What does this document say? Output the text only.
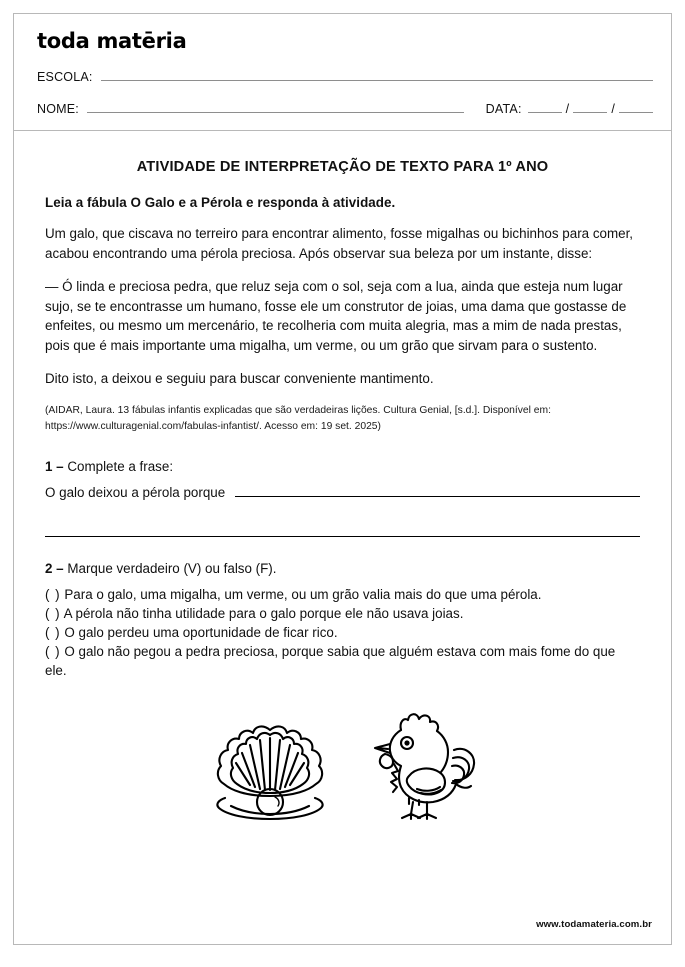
toda matēria
ESCOLA:
NOME:	DATA:	/	/
ATIVIDADE DE INTERPRETAÇÃO DE TEXTO PARA 1º ANO

Leia a fábula O Galo e a Pérola e responda à atividade.

Um galo, que ciscava no terreiro para encontrar alimento, fosse migalhas ou bichinhos para comer, acabou encontrando uma pérola preciosa. Após observar sua beleza por um instante, disse:

— Ó linda e preciosa pedra, que reluz seja com o sol, seja com a lua, ainda que esteja num lugar sujo, se te encontrasse um humano, fosse ele um construtor de joias, uma dama que gostasse de enfeites, ou mesmo um mercenário, te recolheria com muita alegria, mas a mim de nada prestas, pois que é mais importante uma migalha, um verme, ou um grão que sirvam para o sustento.

Dito isto, a deixou e seguiu para buscar conveniente mantimento.

(AIDAR, Laura. 13 fábulas infantis explicadas que são verdadeiras lições. Cultura Genial, [s.d.]. Disponível em: https://www.culturagenial.com/fabulas-infantist/. Acesso em: 19 set. 2025)

1 – Complete a frase:
O galo deixou a pérola porque
2 – Marque verdadeiro (V) ou falso (F).

( ) Para o galo, uma migalha, um verme, ou um grão valia mais do que uma pérola.

( ) A pérola não tinha utilidade para o galo porque ele não usava joias.

( ) O galo perdeu uma oportunidade de ficar rico.

( ) O galo não pegou a pedra preciosa, porque sabia que alguém estava com mais fome do que ele.

www.todamateria.com.br
